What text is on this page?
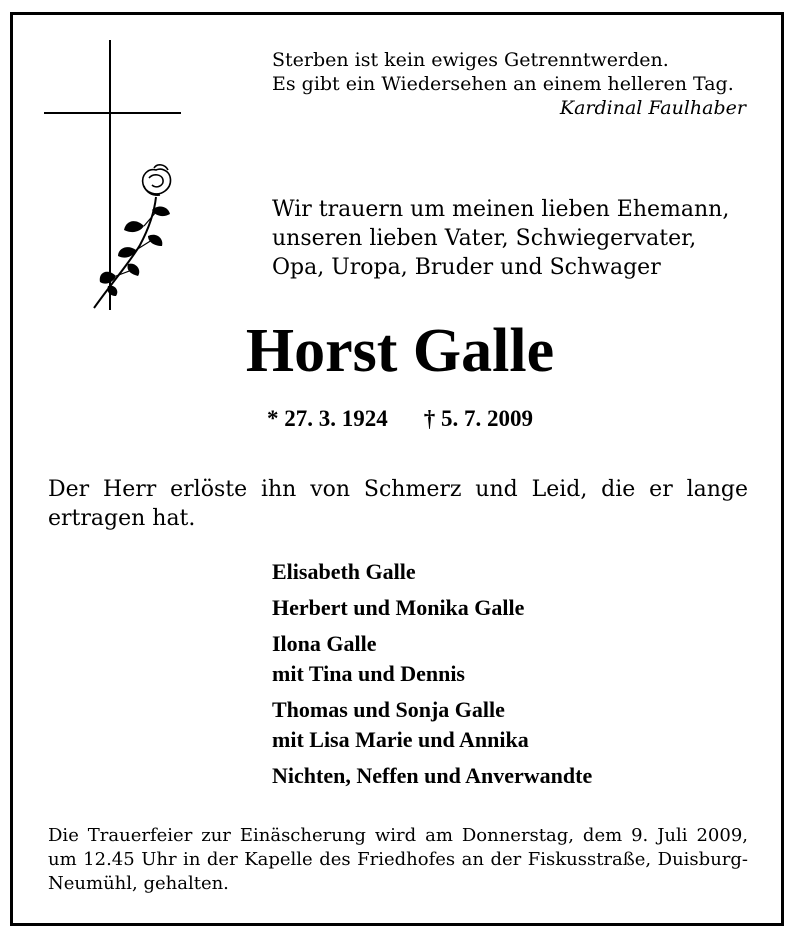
Sterben ist kein ewiges Getrenntwerden.
Es gibt ein Wiedersehen an einem helleren Tag.
Kardinal Faulhaber
Wir trauern um meinen lieben Ehemann,
unseren lieben Vater, Schwiegervater,
Opa, Uropa, Bruder und Schwager
Horst Galle
* 27. 3. 1924 † 5. 7. 2009
Der Herr erlöste ihn von Schmerz und Leid, die er lange ertragen hat.
Elisabeth Galle
Herbert und Monika Galle
Ilona Galle
mit Tina und Dennis
Thomas und Sonja Galle
mit Lisa Marie und Annika
Nichten, Neffen und Anverwandte
Die Trauerfeier zur Einäscherung wird am Donnerstag, dem 9. Juli 2009, um 12.45 Uhr in der Kapelle des Friedhofes an der Fiskusstraße, Duisburg-Neumühl, gehalten.
